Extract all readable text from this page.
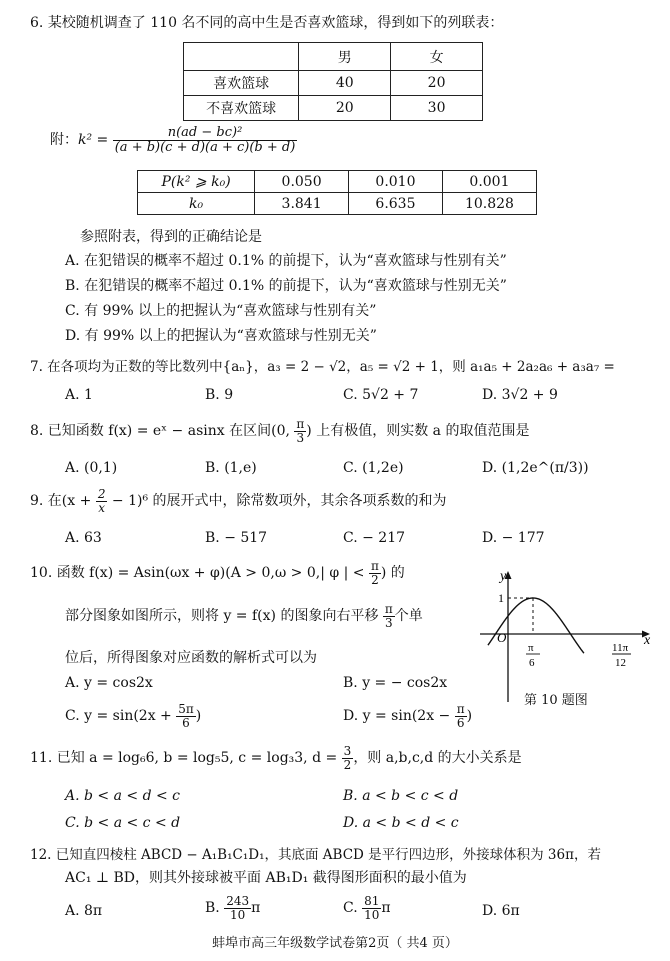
6. 某校随机调查了 110 名不同的高中生是否喜欢篮球，得到如下的列联表：
	男	女
喜欢篮球	40	20
不喜欢篮球	20	30
附：$k^2 = \frac{\text{n(ad − bc)²}}{(a + b)(c + d)(a + c)(b + d)}$
P(k² ⩾ k₀)	0.050	0.010	0.001
k₀	3.841	6.635	10.828
参照附表，得到的正确结论是
A. 在犯错误的概率不超过 0.1% 的前提下，认为“喜欢篮球与性别有关”
B. 在犯错误的概率不超过 0.1% 的前提下，认为“喜欢篮球与性别无关”
C. 有 99% 以上的把握认为“喜欢篮球与性别有关”
D. 有 99% 以上的把握认为“喜欢篮球与性别无关”
7. 在各项均为正数的等比数列中{aₙ}，a₃ = 2 − √2，a₅ = √2 + 1，则 a₁a₅ + 2a₂a₆ + a₃a₇ =
A. 1	B. 9	C. 5√2 + 7	D. 3√2 + 9
8. 已知函数 f(x) = eˣ − asinx 在区间(0, $\frac{\pi}{3}$ ) 上有极值，则实数 a 的取值范围是
A. (0,1)	B. (1,e)	C. (1,2e)	D. (1,2e^(π/3))
9. 在$(x + \frac{2}{x} - 1)^6$ 的展开式中，除常数项外，其余各项系数的和为
A. 63	B. − 517	C. − 217	D. − 177
10. 函数 f(x) = Asin(ωx + φ)(A > 0,ω > 0,| φ | < $\frac{\pi}{2}$ ) 的
部分图象如图所示，则将 y = f(x) 的图象向右平移 $\frac{\pi}{3}$ 个单
位后，所得图象对应函数的解析式可以为
A. y = cos2x	B. y = − cos2x
C. $y = \sin(2x + \frac{5\pi}{6}$ )	D. $y = \sin(2x - \frac{\pi}{6}$ )
y
x
O
1
π
6
11π
12
第 10 题图
11. 已知 a = log₆6, b = log₅5, c = log₃3, $d = \frac{3}{2}$ ，则 a,b,c,d 的大小关系是
A. b < a < d < c	B. a < b < c < d
C. b < a < c < d	D. a < b < d < c
12. 已知直四棱柱 ABCD − A₁B₁C₁D₁，其底面 ABCD 是平行四边形，外接球体积为 36π，若
AC₁ ⊥ BD，则其外接球被平面 AB₁D₁ 截得图形面积的最小值为
A. 8π	B. $\frac{243}{10}$ π	C. $\frac{81}{10}$ π	D. 6π
蚌埠市高三年级数学试卷第2页（ 共4 页）
